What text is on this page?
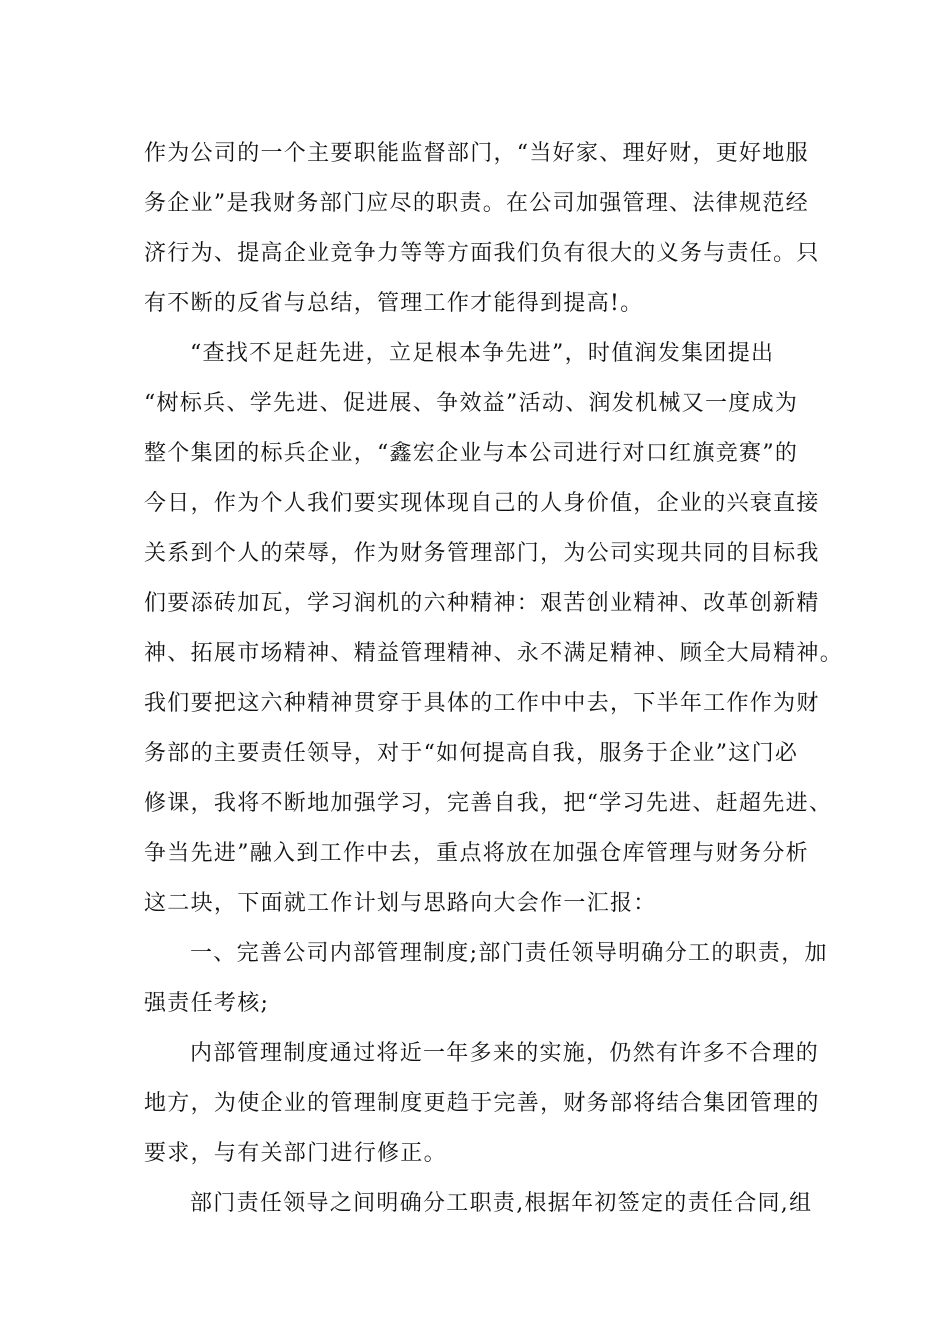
作为公司的一个主要职能监督部门，“当好家、理好财，更好地服
务企业”是我财务部门应尽的职责。在公司加强管理、法律规范经
济行为、提高企业竞争力等等方面我们负有很大的义务与责任。只
有不断的反省与总结，管理工作才能得到提高!。
“查找不足赶先进，立足根本争先进”，时值润发集团提出
“树标兵、学先进、促进展、争效益”活动、润发机械又一度成为
整个集团的标兵企业，“鑫宏企业与本公司进行对口红旗竞赛”的
今日，作为个人我们要实现体现自己的人身价值，企业的兴衰直接
关系到个人的荣辱，作为财务管理部门，为公司实现共同的目标我
们要添砖加瓦，学习润机的六种精神：艰苦创业精神、改革创新精
神、拓展市场精神、精益管理精神、永不满足精神、顾全大局精神。
我们要把这六种精神贯穿于具体的工作中中去，下半年工作作为财
务部的主要责任领导，对于“如何提高自我，服务于企业”这门必
修课，我将不断地加强学习，完善自我，把“学习先进、赶超先进、
争当先进”融入到工作中去，重点将放在加强仓库管理与财务分析
这二块，下面就工作计划与思路向大会作一汇报：
一、完善公司内部管理制度;部门责任领导明确分工的职责，加
强责任考核;
内部管理制度通过将近一年多来的实施，仍然有许多不合理的
地方，为使企业的管理制度更趋于完善，财务部将结合集团管理的
要求，与有关部门进行修正。
部门责任领导之间明确分工职责,根据年初签定的责任合同,组
